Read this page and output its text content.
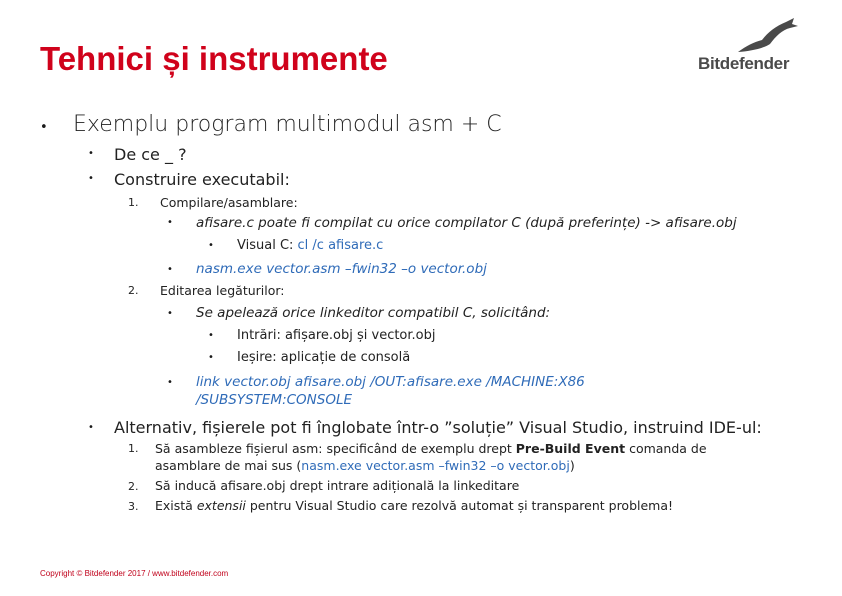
Tehnici și instrumente	Bitdefender
• Exemplu program multimodul asm + C
• De ce _ ?
• Construire executabil:
1. Compilare/asamblare:
• afisare.c poate fi compilat cu orice compilator C (după preferințe) -> afisare.obj
• Visual C: cl /c afisare.c
• nasm.exe vector.asm –fwin32 –o vector.obj
2. Editarea legăturilor:
• Se apelează orice linkeditor compatibil C, solicitând:
• Intrări: afișare.obj și vector.obj
• Ieșire: aplicație de consolă
• link vector.obj afisare.obj /OUT:afisare.exe /MACHINE:X86
/SUBSYSTEM:CONSOLE
• Alternativ, fișierele pot fi înglobate într-o ”soluție” Visual Studio, instruind IDE-ul:
1. Să asambleze fișierul asm: specificând de exemplu drept Pre-Build Event comanda de
asamblare de mai sus (nasm.exe vector.asm –fwin32 –o vector.obj)
2. Să inducă afisare.obj drept intrare adițională la linkeditare
3. Există extensii pentru Visual Studio care rezolvă automat și transparent problema!
Copyright © Bitdefender 2017 / www.bitdefender.com
